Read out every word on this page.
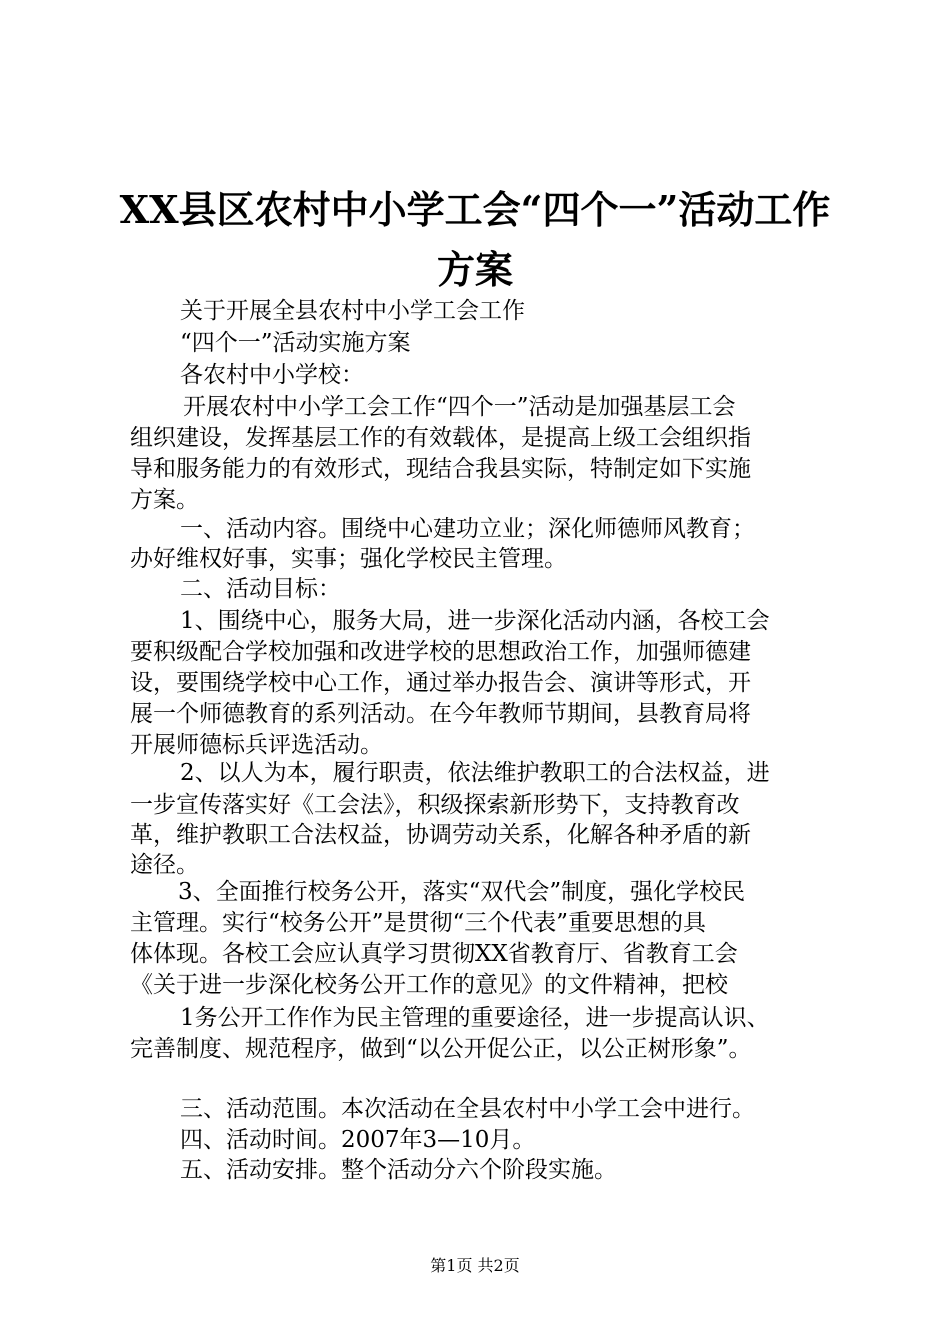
XX县区农村中小学工会“四个一”活动工作
方案

关于开展全县农村中小学工会工作

“四个一”活动实施方案

各农村中小学校：

开展农村中小学工会工作“四个一”活动是加强基层工会

组织建设，发挥基层工作的有效载体，是提高上级工会组织指

导和服务能力的有效形式，现结合我县实际，特制定如下实施

方案。

一、活动内容。围绕中心建功立业；深化师德师风教育；

办好维权好事，实事；强化学校民主管理。

二、活动目标：

1、围绕中心，服务大局，进一步深化活动内涵，各校工会

要积级配合学校加强和改进学校的思想政治工作，加强师德建

设，要围绕学校中心工作，通过举办报告会、演讲等形式，开

展一个师德教育的系列活动。在今年教师节期间，县教育局将

开展师德标兵评选活动。

2、以人为本，履行职责，依法维护教职工的合法权益，进

一步宣传落实好《工会法》，积级探索新形势下，支持教育改

革，维护教职工合法权益，协调劳动关系，化解各种矛盾的新

途径。

3、全面推行校务公开，落实“双代会”制度，强化学校民

主管理。实行“校务公开”是贯彻“三个代表”重要思想的具

体体现。各校工会应认真学习贯彻XX省教育厅、省教育工会

《关于进一步深化校务公开工作的意见》的文件精神，把校

1务公开工作作为民主管理的重要途径，进一步提高认识、

完善制度、规范程序，做到“以公开促公正，以公正树形象”。

三、活动范围。本次活动在全县农村中小学工会中进行。

四、活动时间。2007年3—10月。

五、活动安排。整个活动分六个阶段实施。

第1页 共2页
